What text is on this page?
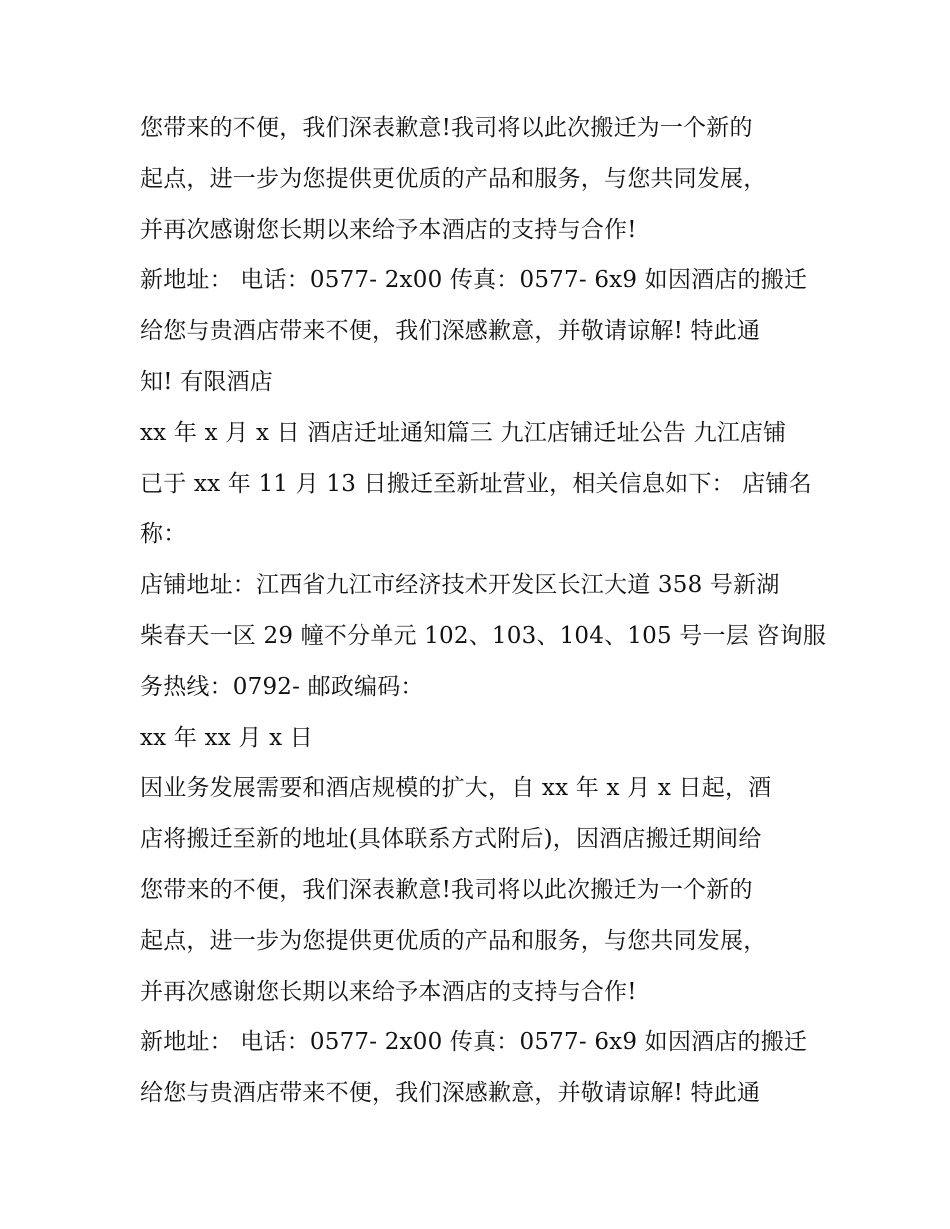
您带来的不便，我们深表歉意!我司将以此次搬迁为一个新的
起点，进一步为您提供更优质的产品和服务，与您共同发展，
并再次感谢您长期以来给予本酒店的支持与合作!
新地址： 电话：0577- 2x00 传真：0577- 6x9 如因酒店的搬迁
给您与贵酒店带来不便，我们深感歉意，并敬请谅解! 特此通
知! 有限酒店
xx 年 x 月 x 日 酒店迁址通知篇三 九江店铺迁址公告 九江店铺
已于 xx 年 11 月 13 日搬迁至新址营业，相关信息如下： 店铺名
称：
店铺地址：江西省九江市经济技术开发区长江大道 358 号新湖
柴春天一区 29 幢不分单元 102、103、104、105 号一层 咨询服
务热线：0792- 邮政编码：
xx 年 xx 月 x 日
因业务发展需要和酒店规模的扩大，自 xx 年 x 月 x 日起，酒
店将搬迁至新的地址(具体联系方式附后)，因酒店搬迁期间给
您带来的不便，我们深表歉意!我司将以此次搬迁为一个新的
起点，进一步为您提供更优质的产品和服务，与您共同发展，
并再次感谢您长期以来给予本酒店的支持与合作!
新地址： 电话：0577- 2x00 传真：0577- 6x9 如因酒店的搬迁
给您与贵酒店带来不便，我们深感歉意，并敬请谅解! 特此通
